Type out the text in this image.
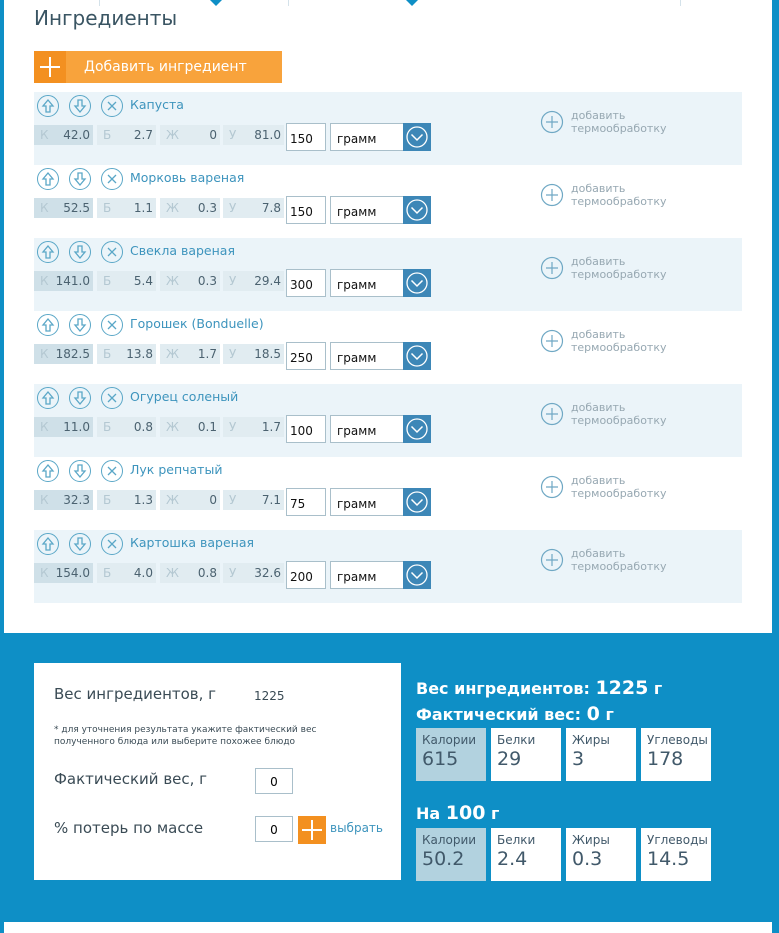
Ингредиенты
Добавить ингредиент
Капуста
К 42.0 Б 2.7 Ж	0 У 81.0 150	грамм
добавить
термообработку
Морковь вареная
К 52.5 Б 1.1 Ж 0.3 У 7.8 150	грамм
добавить
термообработку
Свекла вареная
К 141.0 Б 5.4 Ж 0.3 У 29.4 300	грамм
добавить
термообработку
Горошек (Bonduelle)
К 182.5 Б 13.8 Ж 1.7 У 18.5 250	грамм
добавить
термообработку
Огурец соленый
К 11.0 Б 0.8 Ж 0.1 У 1.7 100	грамм
добавить
термообработку
Лук репчатый
К 32.3 Б 1.3 Ж	0 У 7.1 75	грамм
добавить
термообработку
Картошка вареная
К 154.0 Б 4.0 Ж 0.8 У 32.6 200	грамм
добавить
термообработку
Вес ингредиентов, г	1225
* для уточнения результата укажите фактический вес
полученного блюда или выберите похожее блюдо
Фактический вес, г	0
% потерь по массе	0	выбрать
Вес ингредиентов: 1225 г
Фактический вес: 0 г
Калории
615
Белки
29
Жиры
3
Углеводы
178
На 100 г
Калории
50.2
Белки
2.4
Жиры
0.3
Углеводы
14.5
